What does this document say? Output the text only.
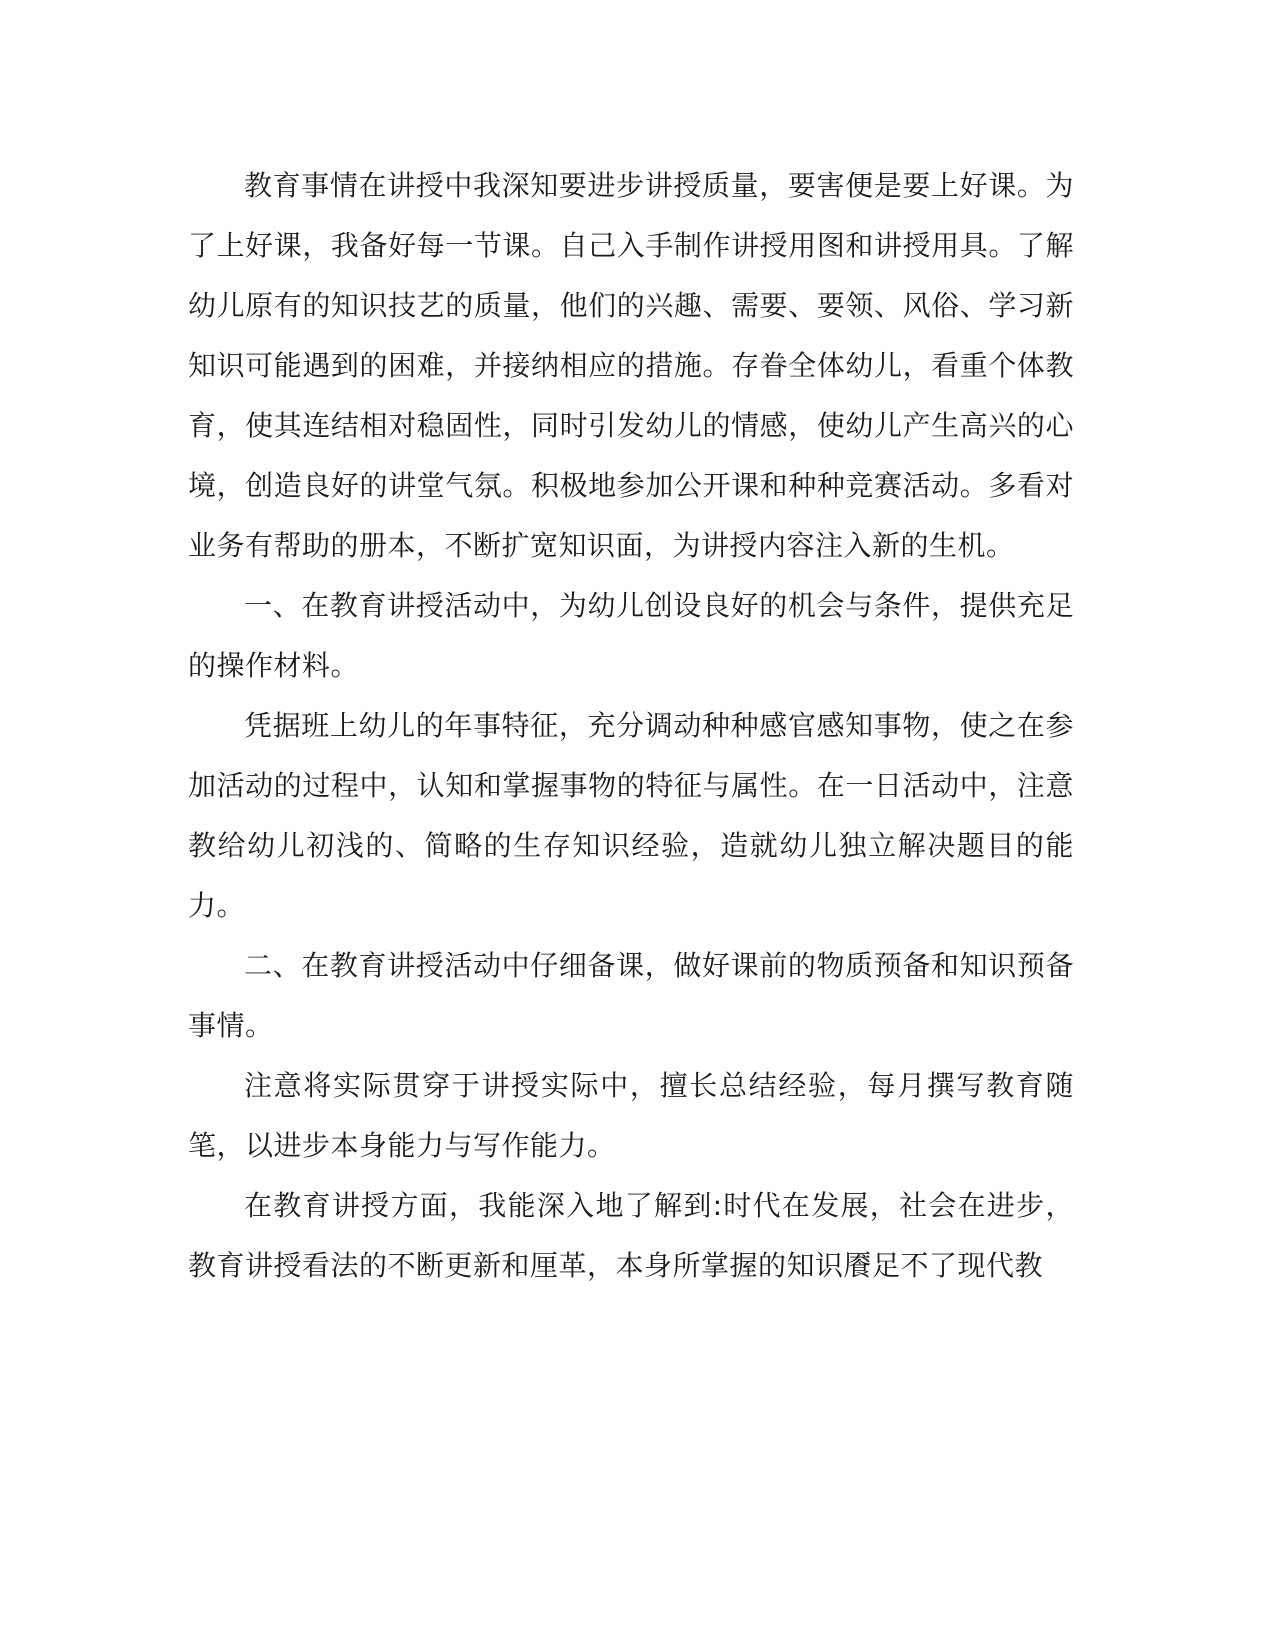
教育事情在讲授中我深知要进步讲授质量，要害便是要上好课。为了上好课，我备好每一节课。自己入手制作讲授用图和讲授用具。了解幼儿原有的知识技艺的质量，他们的兴趣、需要、要领、风俗、学习新知识可能遇到的困难，并接纳相应的措施。存眷全体幼儿，看重个体教育，使其连结相对稳固性，同时引发幼儿的情感，使幼儿产生高兴的心境，创造良好的讲堂气氛。积极地参加公开课和种种竞赛活动。多看对业务有帮助的册本，不断扩宽知识面，为讲授内容注入新的生机。

一、在教育讲授活动中，为幼儿创设良好的机会与条件，提供充足的操作材料。

凭据班上幼儿的年事特征，充分调动种种感官感知事物，使之在参加活动的过程中，认知和掌握事物的特征与属性。在一日活动中，注意教给幼儿初浅的、简略的生存知识经验，造就幼儿独立解决题目的能力。

二、在教育讲授活动中仔细备课，做好课前的物质预备和知识预备事情。

注意将实际贯穿于讲授实际中，擅长总结经验，每月撰写教育随笔，以进步本身能力与写作能力。

在教育讲授方面，我能深入地了解到:时代在发展，社会在进步，教育讲授看法的不断更新和厘革，本身所掌握的知识餍足不了现代教
